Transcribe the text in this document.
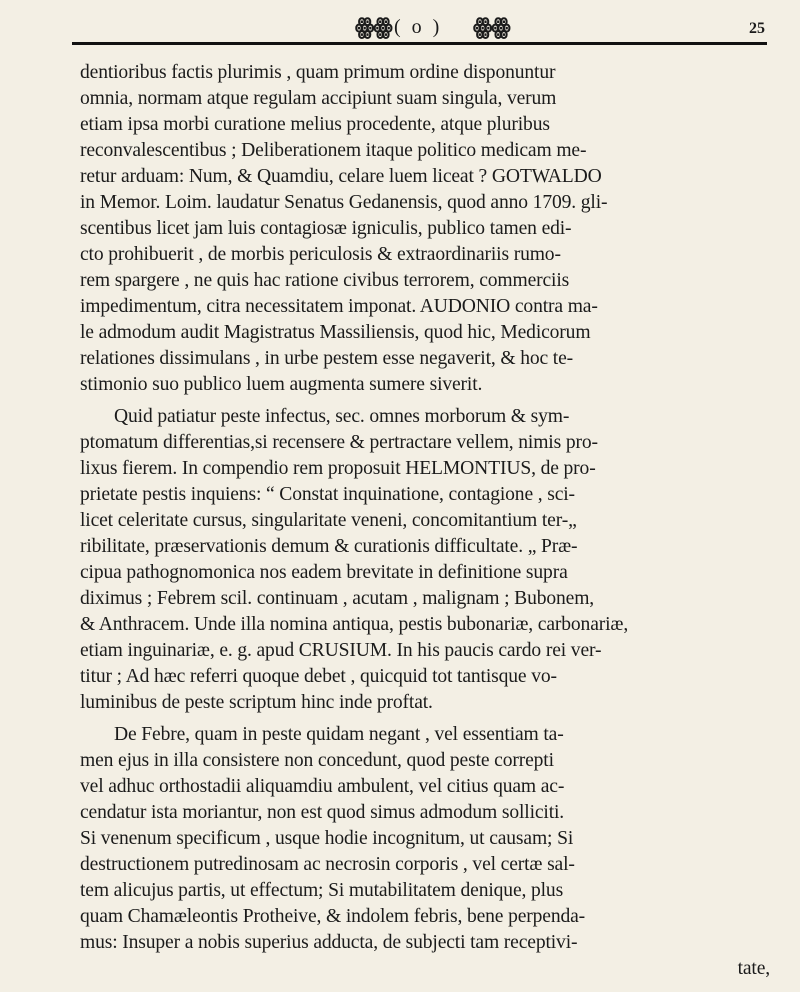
ꙮꙮ ( o ) ꙮꙮ	25
dentioribus factis plurimis , quam primum ordine disponuntur
omnia, normam atque regulam accipiunt suam singula, verum
etiam ipsa morbi curatione melius procedente, atque pluribus
reconvalescentibus ; Deliberationem itaque politico medicam me-
retur arduam: Num, & Quamdiu, celare luem liceat ? GOTWALDO
in Memor. Loim. laudatur Senatus Gedanensis, quod anno 1709. gli-
scentibus licet jam luis contagiosæ igniculis, publico tamen edi-
cto prohibuerit , de morbis periculosis & extraordinariis rumo-
rem spargere , ne quis hac ratione civibus terrorem, commerciis
impedimentum, citra necessitatem imponat. AUDONIO contra ma-
le admodum audit Magistratus Massiliensis, quod hic, Medicorum
relationes dissimulans , in urbe pestem esse negaverit, & hoc te-
stimonio suo publico luem augmenta sumere siverit.
Quid patiatur peste infectus, sec. omnes morborum & sym-
ptomatum differentias,si recensere & pertractare vellem, nimis pro-
lixus fierem. In compendio rem proposuit HELMONTIUS, de pro-
prietate pestis inquiens: “ Constat inquinatione, contagione , sci-
licet celeritate cursus, singularitate veneni, concomitantium ter-„
ribilitate, præservationis demum & curationis difficultate. „ Præ-
cipua pathognomonica nos eadem brevitate in definitione supra
diximus ; Febrem scil. continuam , acutam , malignam ; Bubonem,
& Anthracem. Unde illa nomina antiqua, pestis bubonariæ, carbonariæ,
etiam inguinariæ, e. g. apud CRUSIUM. In his paucis cardo rei ver-
titur ; Ad hæc referri quoque debet , quicquid tot tantisque vo-
luminibus de peste scriptum hinc inde proftat.
De Febre, quam in peste quidam negant , vel essentiam ta-
men ejus in illa consistere non concedunt, quod peste correpti
vel adhuc orthostadii aliquamdiu ambulent, vel citius quam ac-
cendatur ista moriantur, non est quod simus admodum solliciti.
Si venenum specificum , usque hodie incognitum, ut causam; Si
destructionem putredinosam ac necrosin corporis , vel certæ sal-
tem alicujus partis, ut effectum; Si mutabilitatem denique, plus
quam Chamæleontis Protheive, & indolem febris, bene perpenda-
mus: Insuper a nobis superius adducta, de subjecti tam receptivi-
tate,
